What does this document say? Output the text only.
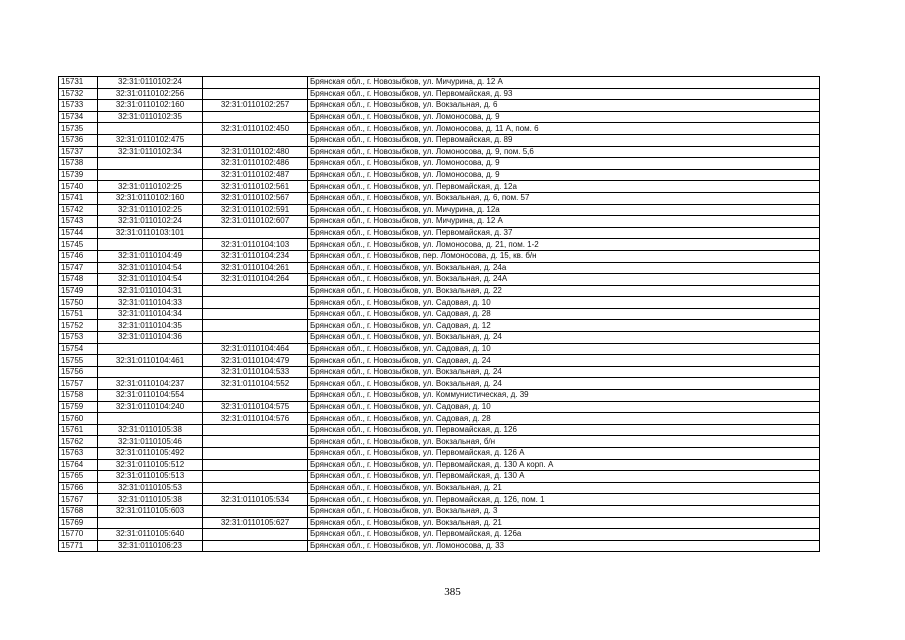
15731	32:31:0110102:24		Брянская обл., г. Новозыбков, ул. Мичурина, д. 12 А
15732	32:31:0110102:256		Брянская обл., г. Новозыбков, ул. Первомайская, д. 93
15733	32:31:0110102:160	32:31:0110102:257	Брянская обл., г. Новозыбков, ул. Вокзальная, д. 6
15734	32:31:0110102:35		Брянская обл., г. Новозыбков, ул. Ломоносова, д. 9
15735		32:31:0110102:450	Брянская обл., г. Новозыбков, ул. Ломоносова, д. 11 А, пом. 6
15736	32:31:0110102:475		Брянская обл., г. Новозыбков, ул. Первомайская, д. 89
15737	32:31:0110102:34	32:31:0110102:480	Брянская обл., г. Новозыбков, ул. Ломоносова, д. 9, пом. 5,6
15738		32:31:0110102:486	Брянская обл., г. Новозыбков, ул. Ломоносова, д. 9
15739		32:31:0110102:487	Брянская обл., г. Новозыбков, ул. Ломоносова, д. 9
15740	32:31:0110102:25	32:31:0110102:561	Брянская обл., г. Новозыбков, ул. Первомайская, д. 12а
15741	32:31:0110102:160	32:31:0110102:567	Брянская обл., г. Новозыбков, ул. Вокзальная, д. 6, пом. 57
15742	32:31:0110102:25	32:31:0110102:591	Брянская обл., г. Новозыбков, ул. Мичурина, д. 12а
15743	32:31:0110102:24	32:31:0110102:607	Брянская обл., г. Новозыбков, ул. Мичурина, д. 12 А
15744	32:31:0110103:101		Брянская обл., г. Новозыбков, ул. Первомайская, д. 37
15745		32:31:0110104:103	Брянская обл., г. Новозыбков, ул. Ломоносова, д. 21, пом. 1-2
15746	32:31:0110104:49	32:31:0110104:234	Брянская обл., г. Новозыбков, пер. Ломоносова, д. 15, кв. б/н
15747	32:31:0110104:54	32:31:0110104:261	Брянская обл., г. Новозыбков, ул. Вокзальная, д. 24а
15748	32:31:0110104:54	32:31:0110104:264	Брянская обл., г. Новозыбков, ул. Вокзальная, д. 24А
15749	32:31:0110104:31		Брянская обл., г. Новозыбков, ул. Вокзальная, д. 22
15750	32:31:0110104:33		Брянская обл., г. Новозыбков, ул. Садовая, д. 10
15751	32:31:0110104:34		Брянская обл., г. Новозыбков, ул. Садовая, д. 28
15752	32:31:0110104:35		Брянская обл., г. Новозыбков, ул. Садовая, д. 12
15753	32:31:0110104:36		Брянская обл., г. Новозыбков, ул. Вокзальная, д. 24
15754		32:31:0110104:464	Брянская обл., г. Новозыбков, ул. Садовая, д. 10
15755	32:31:0110104:461	32:31:0110104:479	Брянская обл., г. Новозыбков, ул. Садовая, д. 24
15756		32:31:0110104:533	Брянская обл., г. Новозыбков, ул. Вокзальная, д. 24
15757	32:31:0110104:237	32:31:0110104:552	Брянская обл., г. Новозыбков, ул. Вокзальная, д. 24
15758	32:31:0110104:554		Брянская обл., г. Новозыбков, ул. Коммунистическая, д. 39
15759	32:31:0110104:240	32:31:0110104:575	Брянская обл., г. Новозыбков, ул. Садовая, д. 10
15760		32:31:0110104:576	Брянская обл., г. Новозыбков, ул. Садовая, д. 28
15761	32:31:0110105:38		Брянская обл., г. Новозыбков, ул. Первомайская, д. 126
15762	32:31:0110105:46		Брянская обл., г. Новозыбков, ул. Вокзальная, б/н
15763	32:31:0110105:492		Брянская обл., г. Новозыбков, ул. Первомайская, д. 126 А
15764	32:31:0110105:512		Брянская обл., г. Новозыбков, ул. Первомайская, д. 130 А корп. А
15765	32:31:0110105:513		Брянская обл., г. Новозыбков, ул. Первомайская, д. 130 А
15766	32:31:0110105:53		Брянская обл., г. Новозыбков, ул. Вокзальная, д. 21
15767	32:31:0110105:38	32:31:0110105:534	Брянская обл., г. Новозыбков, ул. Первомайская, д. 126, пом. 1
15768	32:31:0110105:603		Брянская обл., г. Новозыбков, ул. Вокзальная, д. 3
15769		32:31:0110105:627	Брянская обл., г. Новозыбков, ул. Вокзальная, д. 21
15770	32:31:0110105:640		Брянская обл., г. Новозыбков, ул. Первомайская, д. 126а
15771	32:31:0110106:23		Брянская обл., г. Новозыбков, ул. Ломоносова, д. 33
385
